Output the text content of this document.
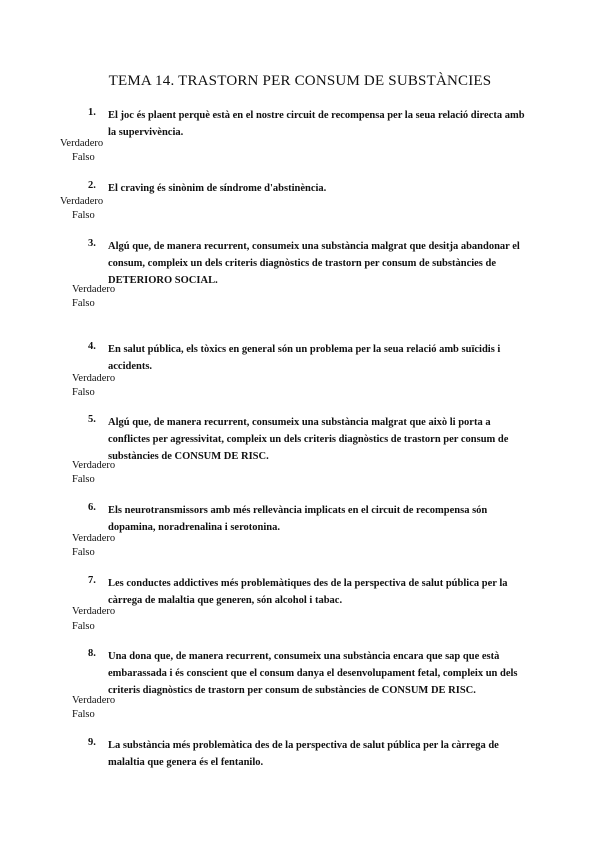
TEMA 14. TRASTORN PER CONSUM DE SUBSTÀNCIES
1. El joc és plaent perquè està en el nostre circuit de recompensa per la seua relació directa amb la supervivència.
Verdadero
Falso
2. El craving és sinònim de síndrome d'abstinència.
Verdadero
Falso
3. Algú que, de manera recurrent, consumeix una substància malgrat que desitja abandonar el consum, compleix un dels criteris diagnòstics de trastorn per consum de substàncies de DETERIORO SOCIAL.
Verdadero
Falso
4. En salut pública, els tòxics en general són un problema per la seua relació amb suïcidis i accidents.
Verdadero
Falso
5. Algú que, de manera recurrent, consumeix una substància malgrat que això li porta a conflictes per agressivitat, compleix un dels criteris diagnòstics de trastorn per consum de substàncies de CONSUM DE RISC.
Verdadero
Falso
6. Els neurotransmissors amb més rellevància implicats en el circuit de recompensa són dopamina, noradrenalina i serotonina.
Verdadero
Falso
7. Les conductes addictives més problemàtiques des de la perspectiva de salut pública per la càrrega de malaltia que generen, són alcohol i tabac.
Verdadero
Falso
8. Una dona que, de manera recurrent, consumeix una substància encara que sap que està embarassada i és conscient que el consum danya el desenvolupament fetal, compleix un dels criteris diagnòstics de trastorn per consum de substàncies de CONSUM DE RISC.
Verdadero
Falso
9. La substància més problemàtica des de la perspectiva de salut pública per la càrrega de malaltia que genera és el fentanilo.
